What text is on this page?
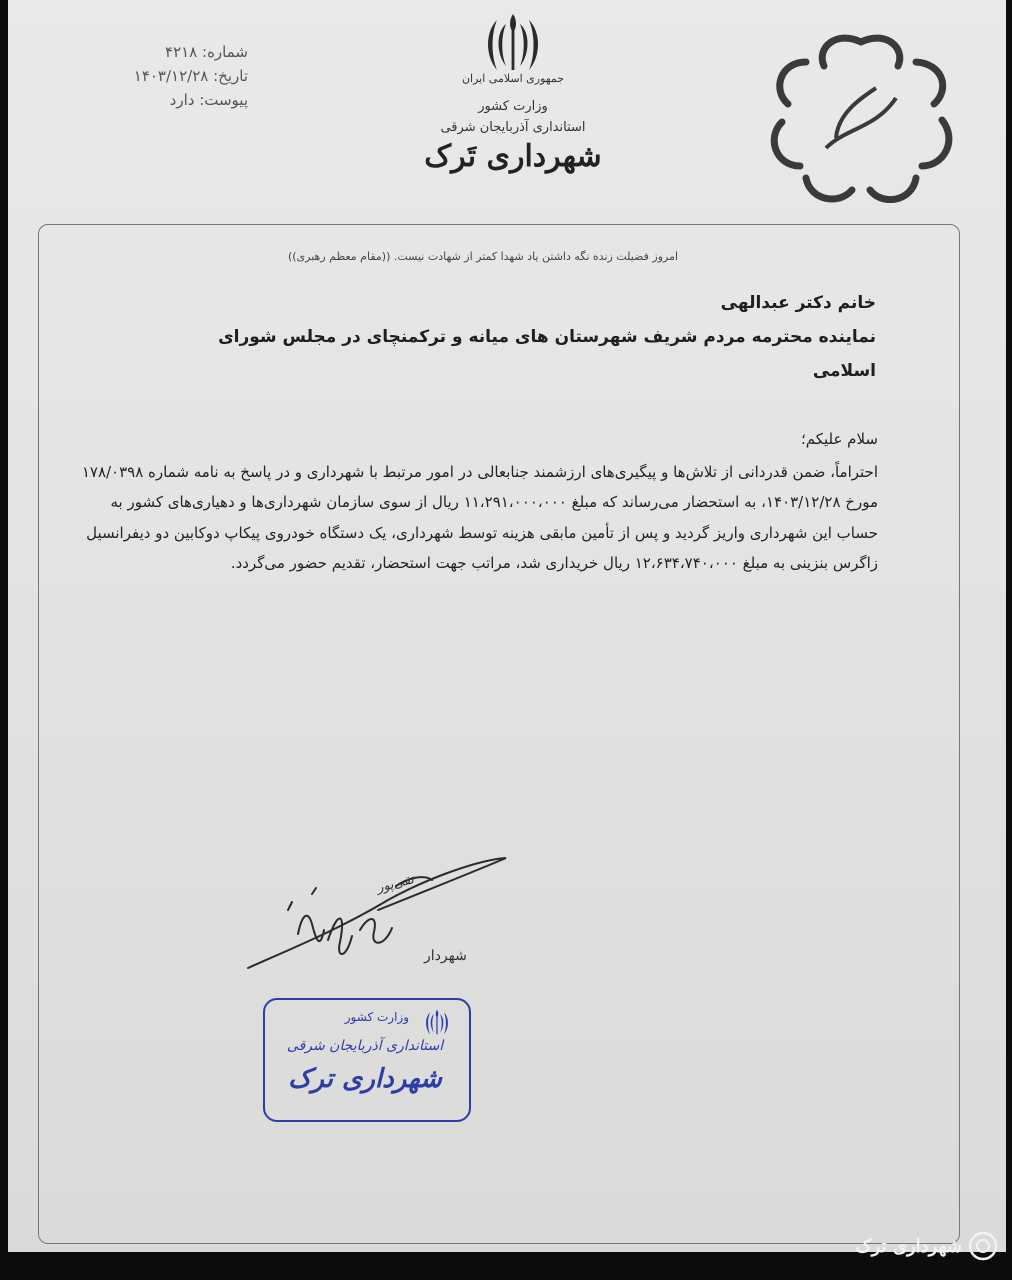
شماره: ۴۲۱۸
تاریخ: ۱۴۰۳/۱۲/۲۸
پیوست: دارد
جمهوری اسلامی ایران
وزارت کشور
استانداری آذربایجان شرقی
شهرداری تَرک
امروز فضیلت زنده نگه داشتن یاد شهدا کمتر از شهادت نیست. ((مقام معظم رهبری))
خانم دکتر عبدالهی
نماینده محترمه مردم شریف شهرستان های میانه و ترکمنچای در مجلس شورای اسلامی

سلام علیکم؛

احتراماً، ضمن قدردانی از تلاش‌ها و پیگیری‌های ارزشمند جنابعالی در امور مرتبط با شهرداری و در پاسخ به نامه شماره ۱۷۸/۰۳۹۸ مورخ ۱۴۰۳/۱۲/۲۸، به استحضار می‌رساند که مبلغ ۱۱،۲۹۱،۰۰۰،۰۰۰ ریال از سوی سازمان شهرداری‌ها و دهیاری‌های کشور به حساب این شهرداری واریز گردید و پس از تأمین مابقی هزینه توسط شهرداری، یک دستگاه خودروی پیکاپ دوکابین دو دیفرانسیل زاگرس بنزینی به مبلغ ۱۲،۶۳۴،۷۴۰،۰۰۰ ریال خریداری شد، مراتب جهت استحضار، تقدیم حضور می‌گردد.

شهردار
تقی‌پور
وزارت کشور
استانداری آذربایجان شرقی
شهرداری ترک
شهرداری ترک
